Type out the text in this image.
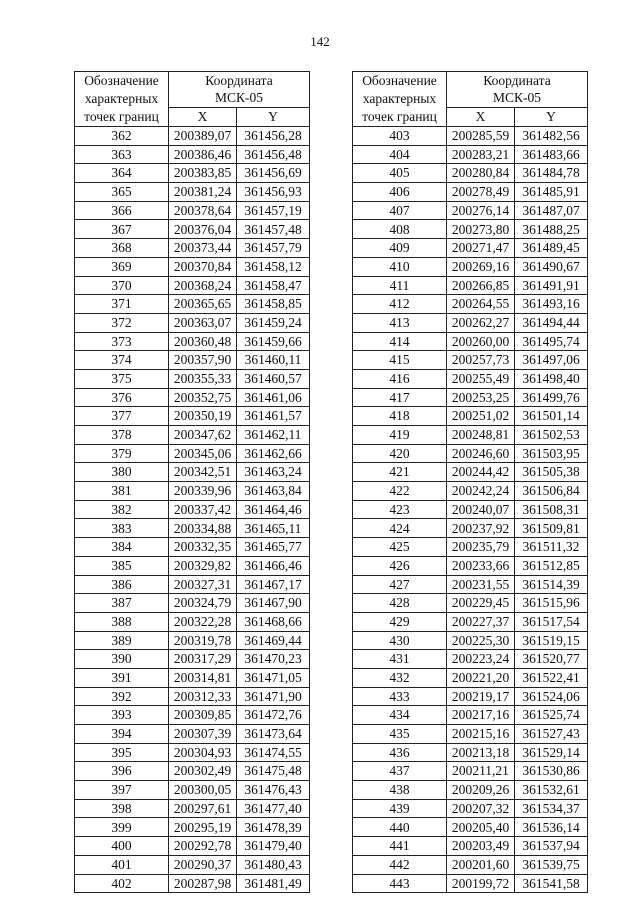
142
Обозначение
характерных
точек границ	Координата
МСК-05	
	X	Y
362	200389,07	361456,28
363	200386,46	361456,48
364	200383,85	361456,69
365	200381,24	361456,93
366	200378,64	361457,19
367	200376,04	361457,48
368	200373,44	361457,79
369	200370,84	361458,12
370	200368,24	361458,47
371	200365,65	361458,85
372	200363,07	361459,24
373	200360,48	361459,66
374	200357,90	361460,11
375	200355,33	361460,57
376	200352,75	361461,06
377	200350,19	361461,57
378	200347,62	361462,11
379	200345,06	361462,66
380	200342,51	361463,24
381	200339,96	361463,84
382	200337,42	361464,46
383	200334,88	361465,11
384	200332,35	361465,77
385	200329,82	361466,46
386	200327,31	361467,17
387	200324,79	361467,90
388	200322,28	361468,66
389	200319,78	361469,44
390	200317,29	361470,23
391	200314,81	361471,05
392	200312,33	361471,90
393	200309,85	361472,76
394	200307,39	361473,64
395	200304,93	361474,55
396	200302,49	361475,48
397	200300,05	361476,43
398	200297,61	361477,40
399	200295,19	361478,39
400	200292,78	361479,40
401	200290,37	361480,43
402	200287,98	361481,49
Обозначение
характерных
точек границ	Координата
МСК-05	
	X	Y
403	200285,59	361482,56
404	200283,21	361483,66
405	200280,84	361484,78
406	200278,49	361485,91
407	200276,14	361487,07
408	200273,80	361488,25
409	200271,47	361489,45
410	200269,16	361490,67
411	200266,85	361491,91
412	200264,55	361493,16
413	200262,27	361494,44
414	200260,00	361495,74
415	200257,73	361497,06
416	200255,49	361498,40
417	200253,25	361499,76
418	200251,02	361501,14
419	200248,81	361502,53
420	200246,60	361503,95
421	200244,42	361505,38
422	200242,24	361506,84
423	200240,07	361508,31
424	200237,92	361509,81
425	200235,79	361511,32
426	200233,66	361512,85
427	200231,55	361514,39
428	200229,45	361515,96
429	200227,37	361517,54
430	200225,30	361519,15
431	200223,24	361520,77
432	200221,20	361522,41
433	200219,17	361524,06
434	200217,16	361525,74
435	200215,16	361527,43
436	200213,18	361529,14
437	200211,21	361530,86
438	200209,26	361532,61
439	200207,32	361534,37
440	200205,40	361536,14
441	200203,49	361537,94
442	200201,60	361539,75
443	200199,72	361541,58
